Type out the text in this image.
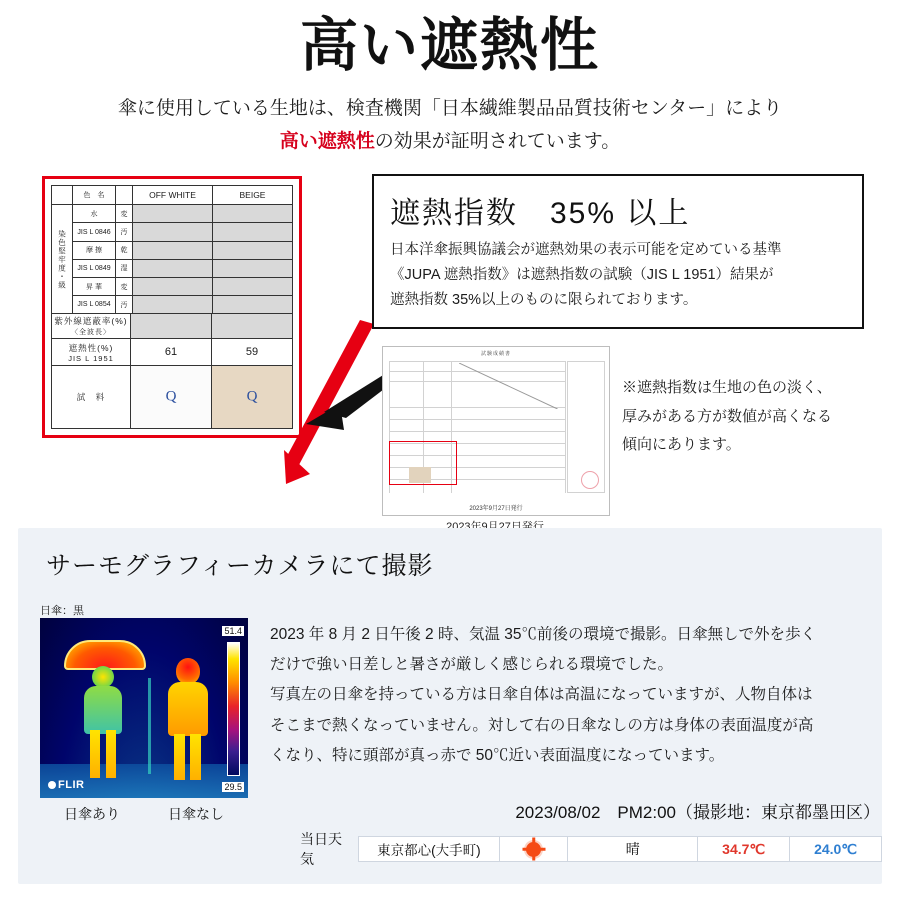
高い遮熱性
傘に使用している生地は、検査機関「日本繊維製品品質技術センター」により
高い遮熱性の効果が証明されています。
色　名	OFF WHITE	BEIGE
染色堅牢度・級
水	変
JIS L 0846	汚
摩 擦	乾
JIS L 0849	湿
昇 華	変
JIS L 0854	汚
紫外線遮蔽率(%)
〈全波長〉
遮熱性(%)
JIS L 1951	61	59
試　料	Q	Q
遮熱指数　35% 以上
日本洋傘振興協議会が遮熱効果の表示可能を定めている基準
《JUPA 遮熱指数》は遮熱指数の試験（JIS L 1951）結果が
遮熱指数 35%以上のものに限られております。
試験成績書
2023年9月27日発行
※遮熱指数は生地の色の淡く、
厚みがある方が数値が高くなる
傾向にあります。
サーモグラフィーカメラにて撮影
日傘：黒
51.4
29.5
FLIR
日傘あり	日傘なし
2023 年 8 月 2 日午後 2 時、気温 35℃前後の環境で撮影。日傘無しで外を歩く
だけで強い日差しと暑さが厳しく感じられる環境でした。
写真左の日傘を持っている方は日傘自体は高温になっていますが、人物自体は
そこまで熱くなっていません。対して右の日傘なしの方は身体の表面温度が高
くなり、特に頭部が真っ赤で 50℃近い表面温度になっています。
2023/08/02　PM2:00（撮影地：東京都墨田区）
当日天気
東京都心(大手町)	晴	34.7℃	24.0℃
